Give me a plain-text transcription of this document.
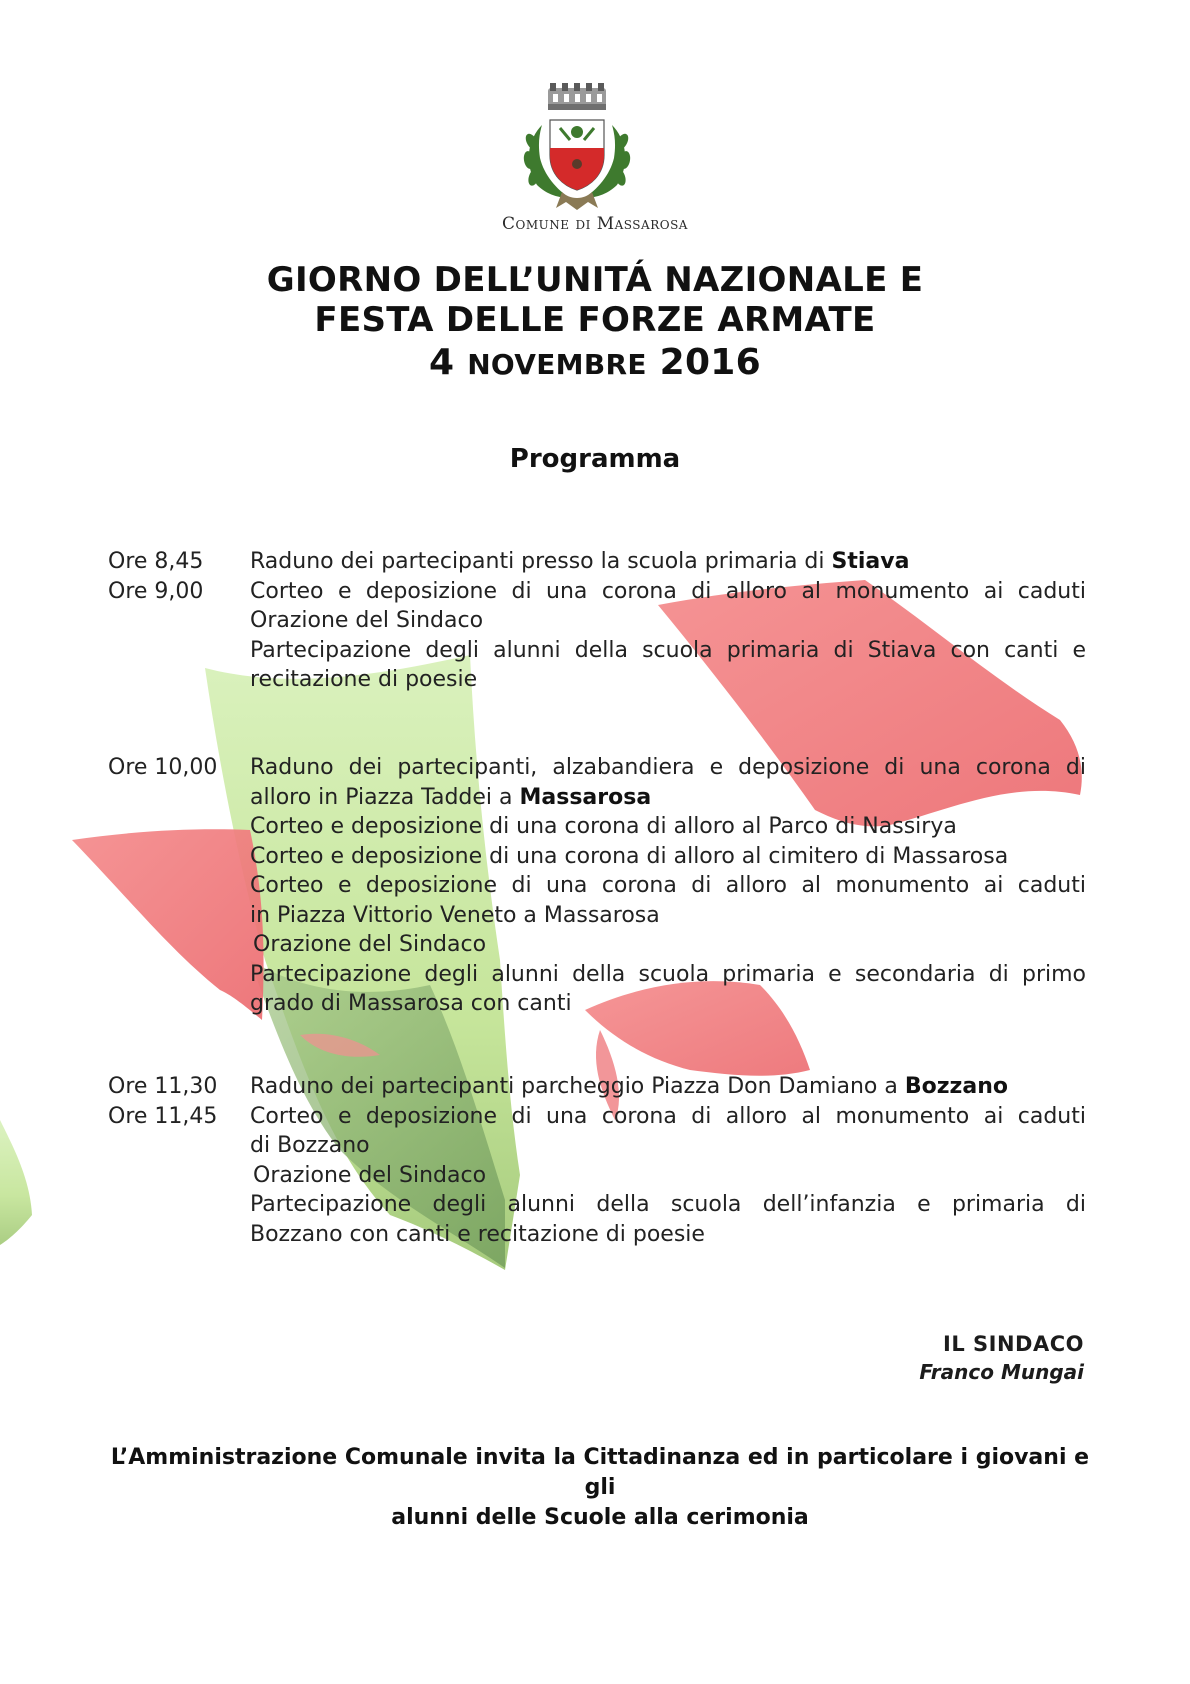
Comune di Massarosa
GIORNO DELL’UNITÁ NAZIONALE E
FESTA DELLE FORZE ARMATE
4 NOVEMBRE 2016
Programma
Ore 8,45
Ore 9,00
Raduno dei partecipanti presso la scuola primaria di Stiava
Corteo e deposizione di una corona di alloro al monumento ai caduti
Orazione del Sindaco
Partecipazione degli alunni della scuola primaria di Stiava con canti e
recitazione di poesie
Ore 10,00	Raduno dei partecipanti, alzabandiera e deposizione di una corona di
alloro in Piazza Taddei a Massarosa
Corteo e deposizione di una corona di alloro al Parco di Nassirya
Corteo e deposizione di una corona di alloro al cimitero di Massarosa
Corteo e deposizione di una corona di alloro al monumento ai caduti
in Piazza Vittorio Veneto a Massarosa
Orazione del Sindaco
Partecipazione degli alunni della scuola primaria e secondaria di primo
grado di Massarosa con canti
Ore 11,30
Ore 11,45
Raduno dei partecipanti parcheggio Piazza Don Damiano a Bozzano
Corteo e deposizione di una corona di alloro al monumento ai caduti
di Bozzano
Orazione del Sindaco
Partecipazione degli alunni della scuola dell’infanzia e primaria di
Bozzano con canti e recitazione di poesie
IL SINDACO
Franco Mungai
L’Amministrazione Comunale invita la Cittadinanza ed in particolare i giovani e gli
alunni delle Scuole alla cerimonia
